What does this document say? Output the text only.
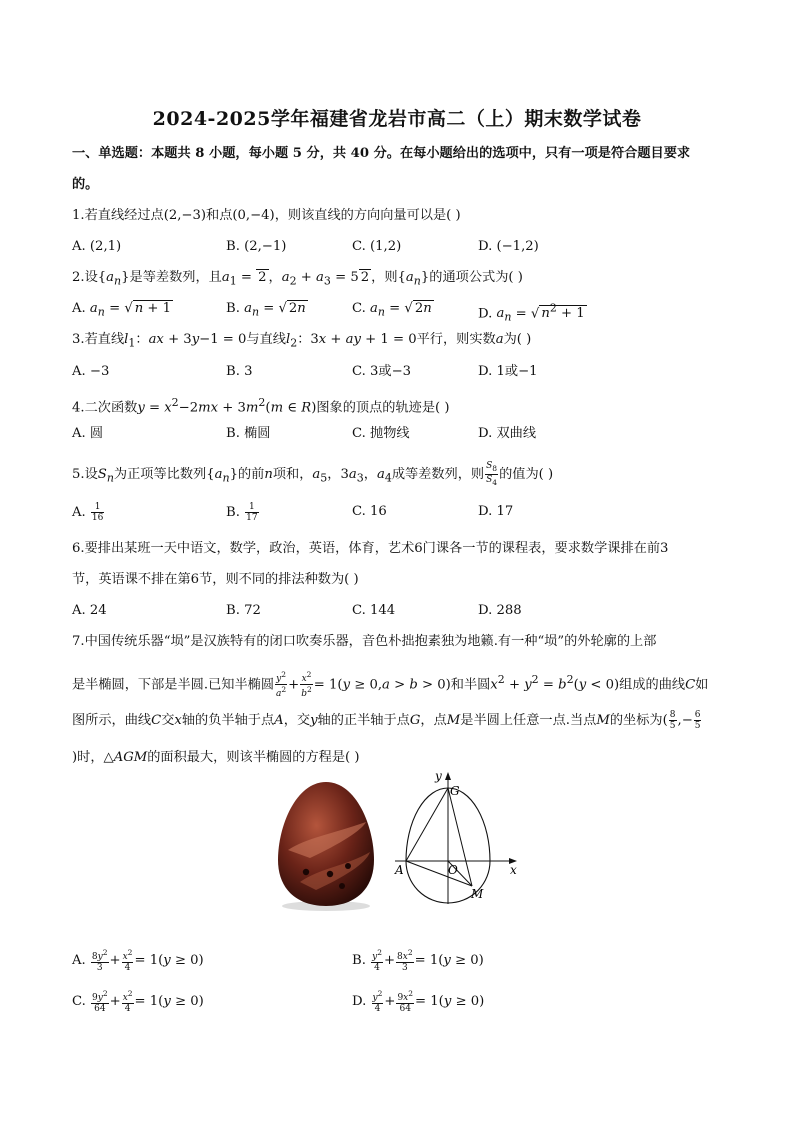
2024-2025学年福建省龙岩市高二（上）期末数学试卷
一、单选题：本题共 8 小题，每小题 5 分，共 40 分。在每小题给出的选项中，只有一项是符合题目要求
的。
1.若直线经过点(2,−3)和点(0,−4)，则该直线的方向向量可以是( )
A. (2,1)	B. (2,−1)	C. (1,2)	D. (−1,2)
2.设$\{a_n\}$是等差数列，且$a_1 = 2$ ，$a_2 + a_3 = 5$ 2 ，则$\{a_n\}$的通项公式为( )
A. $a_n$ = √ n + 1	B. $a_n$ = √ 2n	C. $a_n$ = √ 2n	D. $a_n$ = √ $n^2 + 1$
3.若直线$l_1$：ax + 3y−1 = 0与直线$l_2$：3x + ay + 1 = 0平行，则实数a为( )
A. −3	B. 3	C. 3或−3	D. 1或−1
4.二次函数$y = x^2-2mx + 3m^2(m$ ∈ R)图象的顶点的轨迹是( )
A. 圆	B. 椭圆	C. 抛物线	D. 双曲线
5.设$S_n$为正项等比数列$\{a_n\}$的前n项和，$a_5$，$3a_3$，$a_4$成等差数列，则 $\frac{S_8}{S_4}$ 的值为( )
A. $\frac{1}{16}$	B. $\frac{1}{17}$	C. 16	D. 17
6.要排出某班一天中语文，数学，政治，英语，体育，艺术6门课各一节的课程表，要求数学课排在前3
节，英语课不排在第6节，则不同的排法种数为( )
A. 24	B. 72	C. 144	D. 288
7.中国传统乐器“埙”是汉族特有的闭口吹奏乐器，音色朴拙抱素独为地籁.有一种“埙”的外轮廓的上部
是半椭圆，下部是半圆.已知半椭圆 $\frac{y^2}{a^2} + \frac{x^2}{b^2} = 1(y \ge 0,a > b > 0)$和半圆$x^2 + y^2 = b^2(y < 0)$组成的曲线C如
图所示，曲线C交x轴的负半轴于点A，交y轴的正半轴于点G，点M是半圆上任意一点.当点M的坐标为( $\frac{8}{5}$ ,− $\frac{6}{5}$
)时，△AGM的面积最大，则该半椭圆的方程是( )
y
G
A	O	x
M
A. $\frac{8y^2}{3} + \frac{x^2}{4} = 1(y \ge 0)$	B. $\frac{y^2}{4} + \frac{8x^2}{3} = 1(y \ge 0)$
C. $\frac{9y^2}{64} + \frac{x^2}{4} = 1(y \ge 0)$	D. $\frac{y^2}{4} + \frac{9x^2}{64} = 1(y \ge 0)$
